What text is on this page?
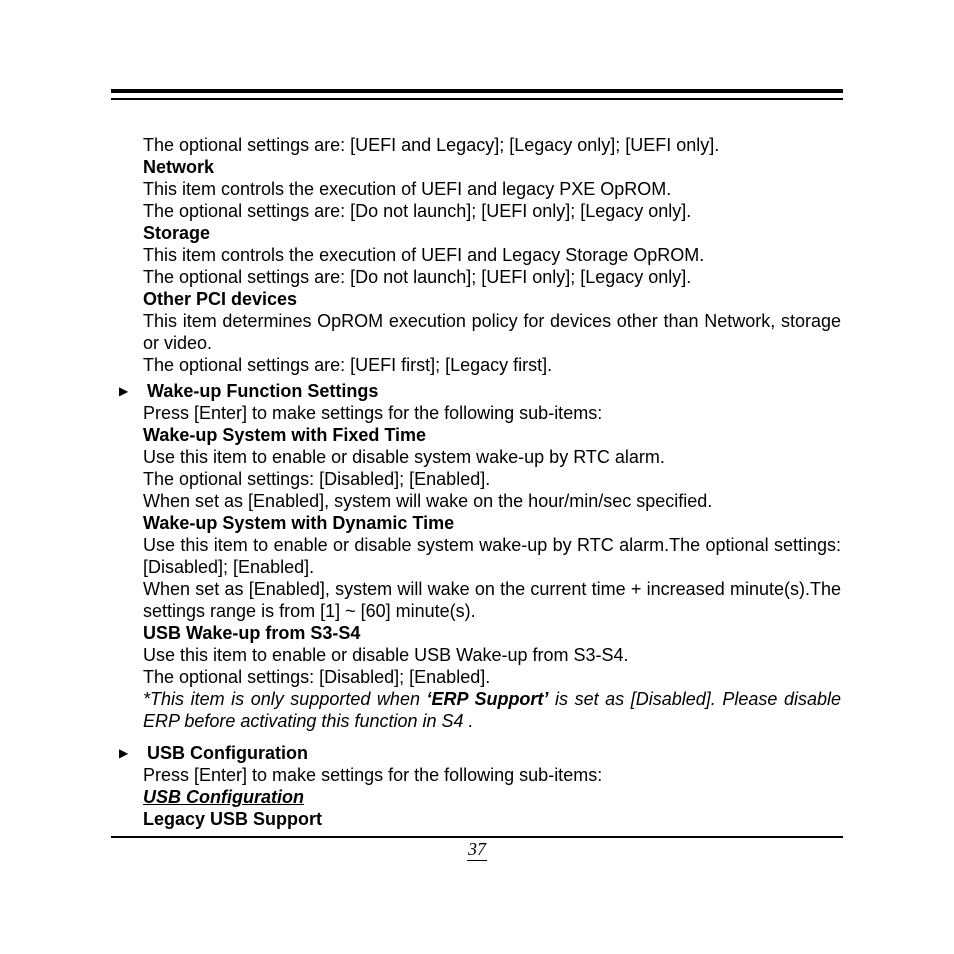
The optional settings are: [UEFI and Legacy]; [Legacy only]; [UEFI only].
Network
This item controls the execution of UEFI and legacy PXE OpROM.
The optional settings are: [Do not launch]; [UEFI only]; [Legacy only].
Storage
This item controls the execution of UEFI and Legacy Storage OpROM.
The optional settings are: [Do not launch]; [UEFI only]; [Legacy only].
Other PCI devices
This item determines OpROM execution policy for devices other than Network, storage or video.
The optional settings are: [UEFI first]; [Legacy first].
▶ Wake-up Function Settings
Press [Enter] to make settings for the following sub-items:
Wake-up System with Fixed Time
Use this item to enable or disable system wake-up by RTC alarm.
The optional settings: [Disabled]; [Enabled].
When set as [Enabled], system will wake on the hour/min/sec specified.
Wake-up System with Dynamic Time
Use this item to enable or disable system wake-up by RTC alarm.The optional settings: [Disabled]; [Enabled].
When set as [Enabled], system will wake on the current time + increased minute(s).The settings range is from [1] ~ [60] minute(s).
USB Wake-up from S3-S4
Use this item to enable or disable USB Wake-up from S3-S4.
The optional settings: [Disabled]; [Enabled].
*This item is only supported when ‘ERP Support’ is set as [Disabled]. Please disable ERP before activating this function in S4 .
▶ USB Configuration
Press [Enter] to make settings for the following sub-items:
USB Configuration
Legacy USB Support
37
